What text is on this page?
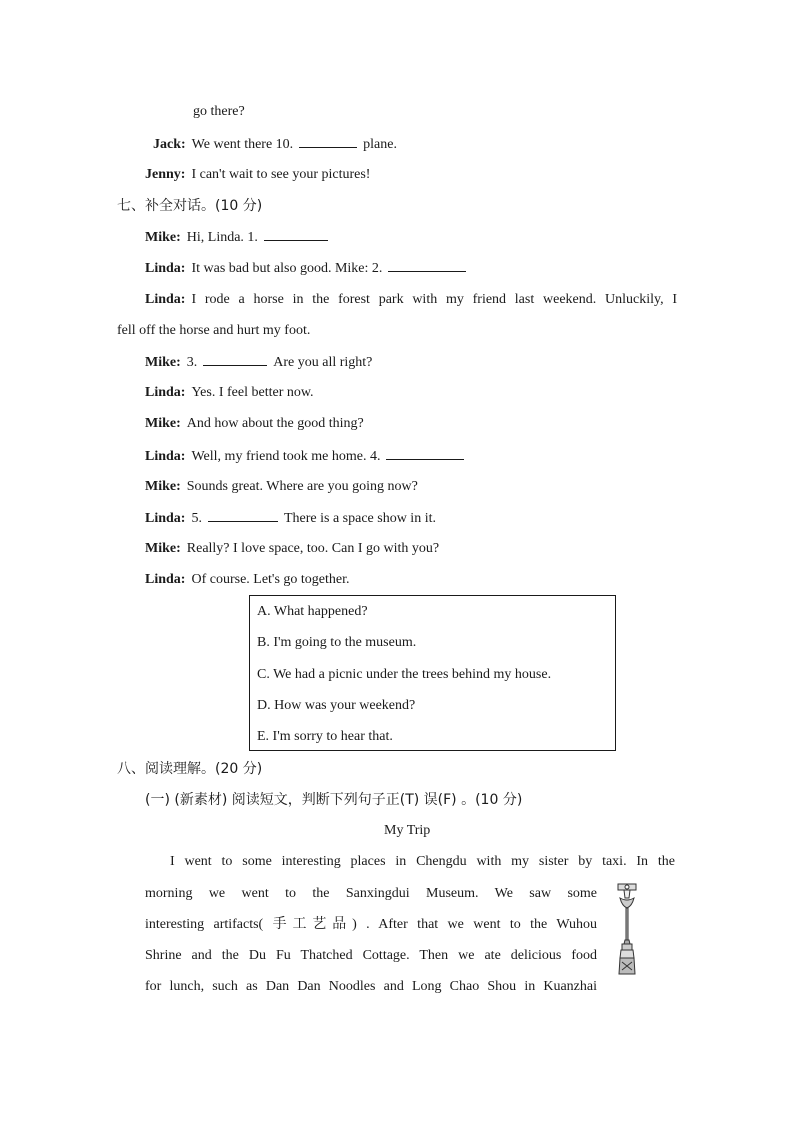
go there?
Jack: We went there 10.	plane.
Jenny: I can't wait to see your pictures!
七、补全对话。(10 分)
Mike: Hi, Linda. 1.
Linda: It was bad but also good. Mike: 2.
Linda: I rode a horse in the forest park with my friend last weekend. Unluckily, I
fell off the horse and hurt my foot.
Mike: 3.	Are you all right?
Linda: Yes. I feel better now.
Mike: And how about the good thing?
Linda: Well, my friend took me home. 4.
Mike: Sounds great. Where are you going now?
Linda: 5.	There is a space show in it.
Mike: Really? I love space, too. Can I go with you?
Linda: Of course. Let's go together.
A. What happened?
B. I'm going to the museum.
C. We had a picnic under the trees behind my house.
D. How was your weekend?
E. I'm sorry to hear that.
八、阅读理解。(20 分)
(一) (新素材) 阅读短文，判断下列句子正(T) 误(F) 。(10 分)
My Trip
I went to some interesting places in Chengdu with my sister by taxi. In the
morning we went to the Sanxingdui Museum. We saw some
interesting artifacts( 手工艺品) . After that we went to the Wuhou
Shrine and the Du Fu Thatched Cottage. Then we ate delicious food
for lunch, such as Dan Dan Noodles and Long Chao Shou in Kuanzhai
